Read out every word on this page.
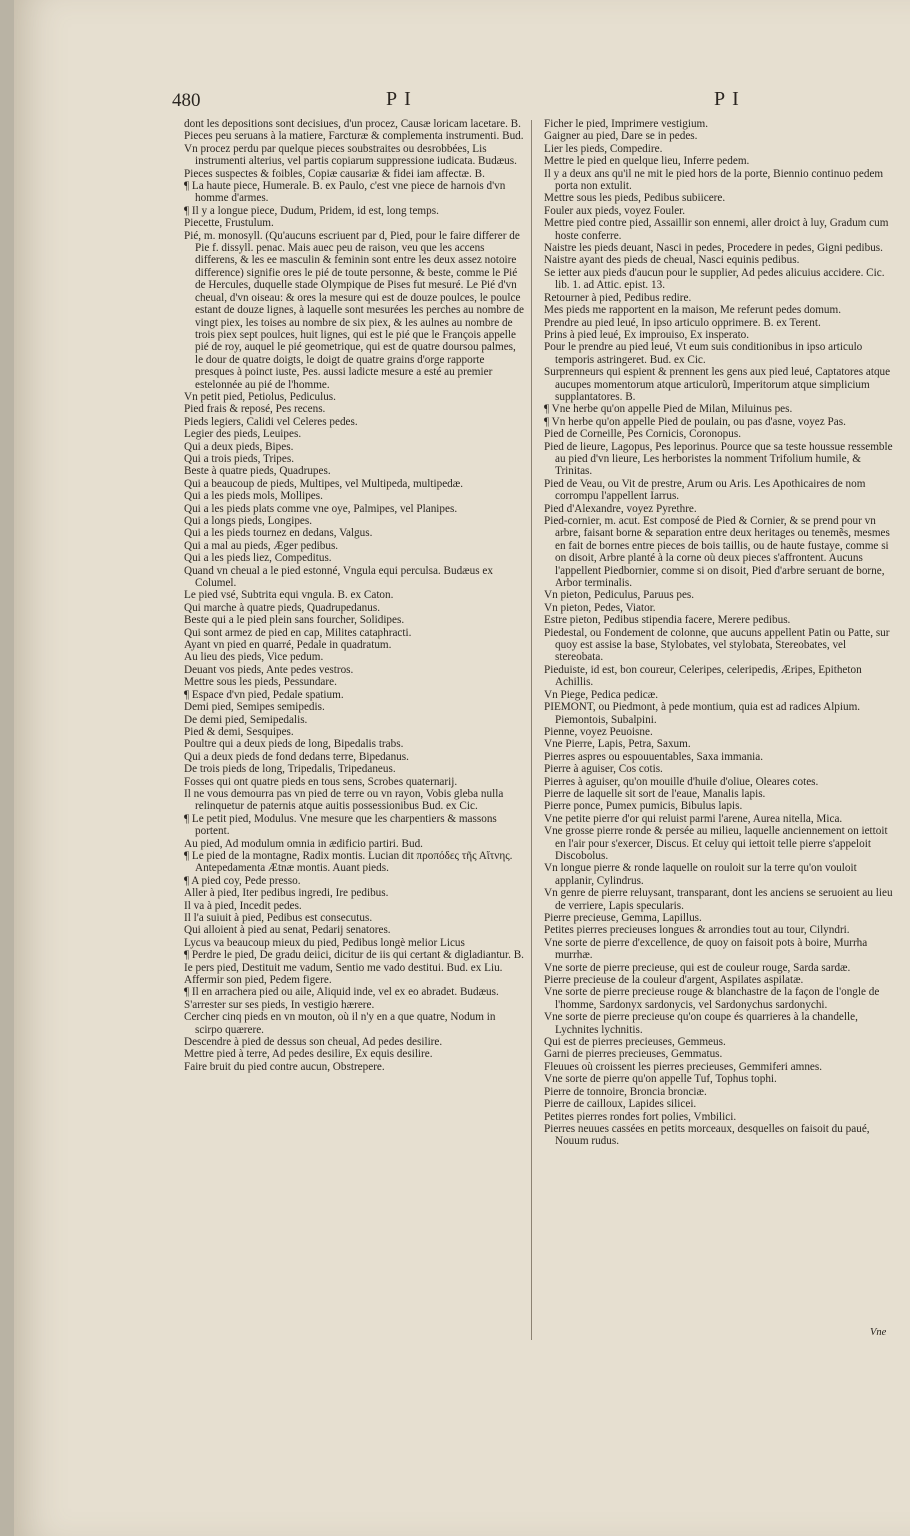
480	PI	PI

dont les depositions sont decisiues, d'un procez, Causæ loricam lacetare. B.

Pieces peu seruans à la matiere, Farcturæ & complementa instrumenti. Bud.

Vn procez perdu par quelque pieces soubstraites ou desrobbées, Lis instrumenti alterius, vel partis copiarum suppressione iudicata. Budæus.

Pieces suspectes & foibles, Copiæ causariæ & fidei iam affectæ. B.

¶ La haute piece, Humerale. B. ex Paulo, c'est vne piece de harnois d'vn homme d'armes.

¶ Il y a longue piece, Dudum, Pridem, id est, long temps.

Piecette, Frustulum.

Pié, m. monosyll. (Qu'aucuns escriuent par d, Pied, pour le faire differer de Pie f. dissyll. penac. Mais auec peu de raison, veu que les accens differens, & les ee masculin & feminin sont entre les deux assez notoire difference) signifie ores le pié de toute personne, & beste, comme le Pié de Hercules, duquelle stade Olympique de Pises fut mesuré. Le Pié d'vn cheual, d'vn oiseau: & ores la mesure qui est de douze poulces, le poulce estant de douze lignes, à laquelle sont mesurées les perches au nombre de vingt piex, les toises au nombre de six piex, & les aulnes au nombre de trois piex sept poulces, huit lignes, qui est le pié que le François appelle pié de roy, auquel le pié geometrique, qui est de quatre doursou palmes, le dour de quatre doigts, le doigt de quatre grains d'orge rapporte presques à poinct iuste, Pes. aussi ladicte mesure a esté au premier estelonnée au pié de l'homme.

Vn petit pied, Petiolus, Pediculus.

Pied frais & reposé, Pes recens.

Pieds legiers, Calidi vel Celeres pedes.

Legier des pieds, Leuipes.

Qui a deux pieds, Bipes.

Qui a trois pieds, Tripes.

Beste à quatre pieds, Quadrupes.

Qui a beaucoup de pieds, Multipes, vel Multipeda, multipedæ.

Qui a les pieds mols, Mollipes.

Qui a les pieds plats comme vne oye, Palmipes, vel Planipes.

Qui a longs pieds, Longipes.

Qui a les pieds tournez en dedans, Valgus.

Qui a mal au pieds, Æger pedibus.

Qui a les pieds liez, Compeditus.

Quand vn cheual a le pied estonné, Vngula equi perculsa. Budæus ex Columel.

Le pied vsé, Subtrita equi vngula. B. ex Caton.

Qui marche à quatre pieds, Quadrupedanus.

Beste qui a le pied plein sans fourcher, Solidipes.

Qui sont armez de pied en cap, Milites cataphracti.

Ayant vn pied en quarré, Pedale in quadratum.

Au lieu des pieds, Vice pedum.

Deuant vos pieds, Ante pedes vestros.

Mettre sous les pieds, Pessundare.

¶ Espace d'vn pied, Pedale spatium.

Demi pied, Semipes semipedis.

De demi pied, Semipedalis.

Pied & demi, Sesquipes.

Poultre qui a deux pieds de long, Bipedalis trabs.

Qui a deux pieds de fond dedans terre, Bipedanus.

De trois pieds de long, Tripedalis, Tripedaneus.

Fosses qui ont quatre pieds en tous sens, Scrobes quaternarij.

Il ne vous demourra pas vn pied de terre ou vn rayon, Vobis gleba nulla relinquetur de paternis atque auitis possessionibus Bud. ex Cic.

¶ Le petit pied, Modulus. Vne mesure que les charpentiers & massons portent.

Au pied, Ad modulum omnia in ædificio partiri. Bud.

¶ Le pied de la montagne, Radix montis. Lucian dit προπόδες τῆς Αἴτνης. Antepedamenta Ætnæ montis. Auant pieds.

¶ A pied coy, Pede presso.

Aller à pied, Iter pedibus ingredi, Ire pedibus.

Il va à pied, Incedit pedes.

Il l'a suiuit à pied, Pedibus est consecutus.

Qui alloient à pied au senat, Pedarij senatores.

Lycus va beaucoup mieux du pied, Pedibus longè melior Licus

¶ Perdre le pied, De gradu deiici, dicitur de iis qui certant & digladiantur. B.

Ie pers pied, Destituit me vadum, Sentio me vado destitui. Bud. ex Liu.

Affermir son pied, Pedem figere.

¶ Il en arrachera pied ou aile, Aliquid inde, vel ex eo abradet. Budæus.

S'arrester sur ses pieds, In vestigio hærere.

Cercher cinq pieds en vn mouton, où il n'y en a que quatre, Nodum in scirpo quærere.

Descendre à pied de dessus son cheual, Ad pedes desilire.

Mettre pied à terre, Ad pedes desilire, Ex equis desilire.

Faire bruit du pied contre aucun, Obstrepere.

Ficher le pied, Imprimere vestigium.

Gaigner au pied, Dare se in pedes.

Lier les pieds, Compedire.

Mettre le pied en quelque lieu, Inferre pedem.

Il y a deux ans qu'il ne mit le pied hors de la porte, Biennio continuo pedem porta non extulit.

Mettre sous les pieds, Pedibus subiicere.

Fouler aux pieds, voyez Fouler.

Mettre pied contre pied, Assaillir son ennemi, aller droict à luy, Gradum cum hoste conferre.

Naistre les pieds deuant, Nasci in pedes, Procedere in pedes, Gigni pedibus.

Naistre ayant des pieds de cheual, Nasci equinis pedibus.

Se ietter aux pieds d'aucun pour le supplier, Ad pedes alicuius accidere. Cic. lib. 1. ad Attic. epist. 13.

Retourner à pied, Pedibus redire.

Mes pieds me rapportent en la maison, Me referunt pedes domum.

Prendre au pied leué, In ipso articulo opprimere. B. ex Terent.

Prins à pied leué, Ex improuiso, Ex insperato.

Pour le prendre au pied leué, Vt eum suis conditionibus in ipso articulo temporis astringeret. Bud. ex Cic.

Surprenneurs qui espient & prennent les gens aux pied leué, Captatores atque aucupes momentorum atque articulorũ, Imperitorum atque simplicium supplantatores. B.

¶ Vne herbe qu'on appelle Pied de Milan, Miluinus pes.

¶ Vn herbe qu'on appelle Pied de poulain, ou pas d'asne, voyez Pas.

Pied de Corneille, Pes Cornicis, Coronopus.

Pied de lieure, Lagopus, Pes leporinus. Pource que sa teste houssue ressemble au pied d'vn lieure, Les herboristes la nomment Trifolium humile, & Trinitas.

Pied de Veau, ou Vit de prestre, Arum ou Aris. Les Apothicaires de nom corrompu l'appellent Iarrus.

Pied d'Alexandre, voyez Pyrethre.

Pied-cornier, m. acut. Est composé de Pied & Cornier, & se prend pour vn arbre, faisant borne & separation entre deux heritages ou tenemẽs, mesmes en fait de bornes entre pieces de bois taillis, ou de haute fustaye, comme si on disoit, Arbre planté à la corne où deux pieces s'affrontent. Aucuns l'appellent Piedbornier, comme si on disoit, Pied d'arbre seruant de borne, Arbor terminalis.

Vn pieton, Pediculus, Paruus pes.

Vn pieton, Pedes, Viator.

Estre pieton, Pedibus stipendia facere, Merere pedibus.

Piedestal, ou Fondement de colonne, que aucuns appellent Patin ou Patte, sur quoy est assise la base, Stylobates, vel stylobata, Stereobates, vel stereobata.

Pieduiste, id est, bon coureur, Celeripes, celeripedis, Æripes, Epitheton Achillis.

Vn Piege, Pedica pedicæ.

PIEMONT, ou Piedmont, à pede montium, quia est ad radices Alpium. Piemontois, Subalpini.

Pienne, voyez Peuoisne.

Vne Pierre, Lapis, Petra, Saxum.

Pierres aspres ou espouuentables, Saxa immania.

Pierre à aguiser, Cos cotis.

Pierres à aguiser, qu'on mouille d'huile d'oliue, Oleares cotes.

Pierre de laquelle sit sort de l'eaue, Manalis lapis.

Pierre ponce, Pumex pumicis, Bibulus lapis.

Vne petite pierre d'or qui reluist parmi l'arene, Aurea nitella, Mica.

Vne grosse pierre ronde & persée au milieu, laquelle anciennement on iettoit en l'air pour s'exercer, Discus. Et celuy qui iettoit telle pierre s'appeloit Discobolus.

Vn longue pierre & ronde laquelle on rouloit sur la terre qu'on vouloit applanir, Cylindrus.

Vn genre de pierre reluysant, transparant, dont les anciens se seruoient au lieu de verriere, Lapis specularis.

Pierre precieuse, Gemma, Lapillus.

Petites pierres precieuses longues & arrondies tout au tour, Cilyndri.

Vne sorte de pierre d'excellence, de quoy on faisoit pots à boire, Murrha murrhæ.

Vne sorte de pierre precieuse, qui est de couleur rouge, Sarda sardæ.

Pierre precieuse de la couleur d'argent, Aspilates aspilatæ.

Vne sorte de pierre precieuse rouge & blanchastre de la façon de l'ongle de l'homme, Sardonyx sardonycis, vel Sardonychus sardonychi.

Vne sorte de pierre precieuse qu'on coupe és quarrieres à la chandelle, Lychnites lychnitis.

Qui est de pierres precieuses, Gemmeus.

Garni de pierres precieuses, Gemmatus.

Fleuues où croissent les pierres precieuses, Gemmiferi amnes.

Vne sorte de pierre qu'on appelle Tuf, Tophus tophi.

Pierre de tonnoire, Broncia bronciæ.

Pierre de cailloux, Lapides silicei.

Petites pierres rondes fort polies, Vmbilici.

Pierres neuues cassées en petits morceaux, desquelles on faisoit du paué, Nouum rudus.

Vne
